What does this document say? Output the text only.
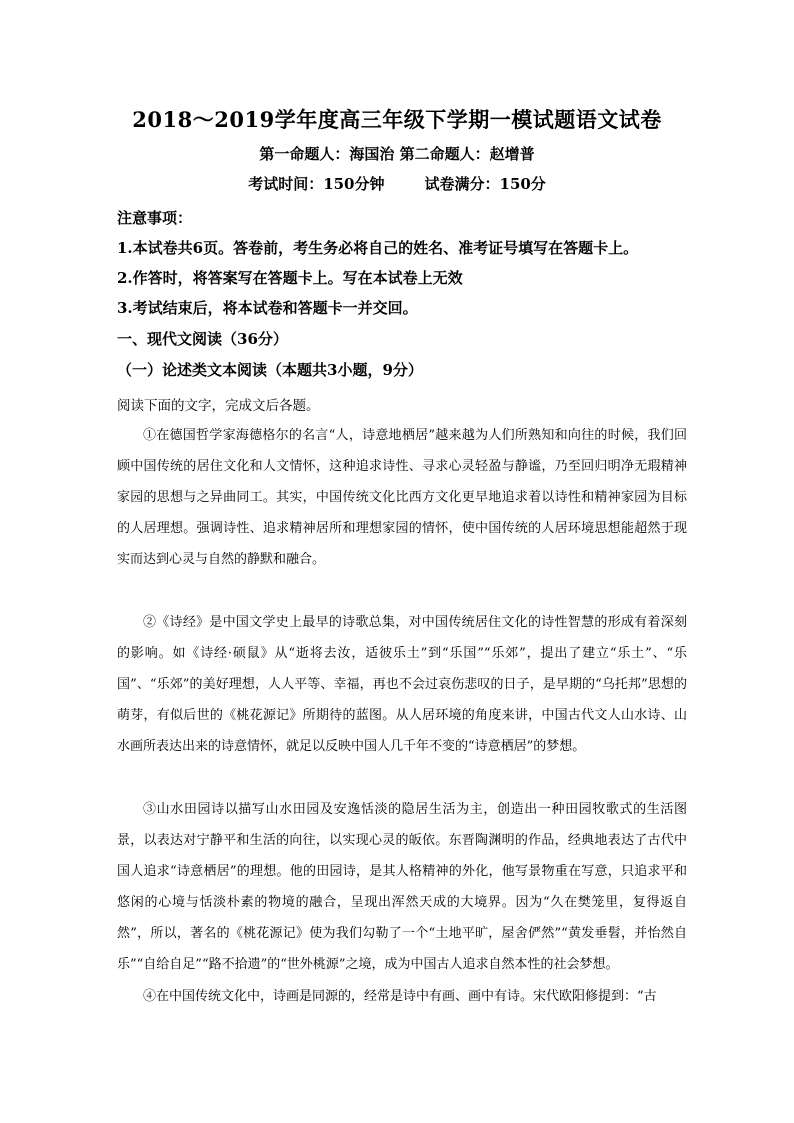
2018～2019学年度高三年级下学期一模试题语文试卷
第一命题人：海国治 第二命题人：赵增普
考试时间：150分钟	试卷满分：150分
注意事项：
1.本试卷共6页。答卷前，考生务必将自己的姓名、准考证号填写在答题卡上。
2.作答时，将答案写在答题卡上。写在本试卷上无效
3.考试结束后，将本试卷和答题卡一并交回。
一、现代文阅读（36分）
（一）论述类文本阅读（本题共3小题，9分）
阅读下面的文字，完成文后各题。

①在德国哲学家海德格尔的名言“人，诗意地栖居”越来越为人们所熟知和向往的时候，我们回顾中国传统的居住文化和人文情怀，这种追求诗性、寻求心灵轻盈与静谧，乃至回归明净无瑕精神家园的思想与之异曲同工。其实，中国传统文化比西方文化更早地追求着以诗性和精神家园为目标的人居理想。强调诗性、追求精神居所和理想家园的情怀，使中国传统的人居环境思想能超然于现实而达到心灵与自然的静默和融合。

②《诗经》是中国文学史上最早的诗歌总集，对中国传统居住文化的诗性智慧的形成有着深刻的影响。如《诗经·硕鼠》从“逝将去汝，适彼乐土”到“乐国”“乐郊”，提出了建立“乐土”、“乐国”、“乐郊”的美好理想，人人平等、幸福，再也不会过哀伤悲叹的日子，是早期的“乌托邦”思想的萌芽，有似后世的《桃花源记》所期待的蓝图。从人居环境的角度来讲，中国古代文人山水诗、山水画所表达出来的诗意情怀，就足以反映中国人几千年不变的“诗意栖居”的梦想。

③山水田园诗以描写山水田园及安逸恬淡的隐居生活为主，创造出一种田园牧歌式的生活图景，以表达对宁静平和生活的向往，以实现心灵的皈依。东晋陶渊明的作品，经典地表达了古代中国人追求“诗意栖居”的理想。他的田园诗，是其人格精神的外化，他写景物重在写意，只追求平和悠闲的心境与恬淡朴素的物境的融合，呈现出浑然天成的大境界。因为“久在樊笼里，复得返自然”，所以，著名的《桃花源记》使为我们勾勒了一个“土地平旷，屋舍俨然”“黄发垂髫，并怡然自乐”“自给自足”“路不拾遗”的“世外桃源”之境，成为中国古人追求自然本性的社会梦想。

④在中国传统文化中，诗画是同源的，经常是诗中有画、画中有诗。宋代欧阳修提到：“古
